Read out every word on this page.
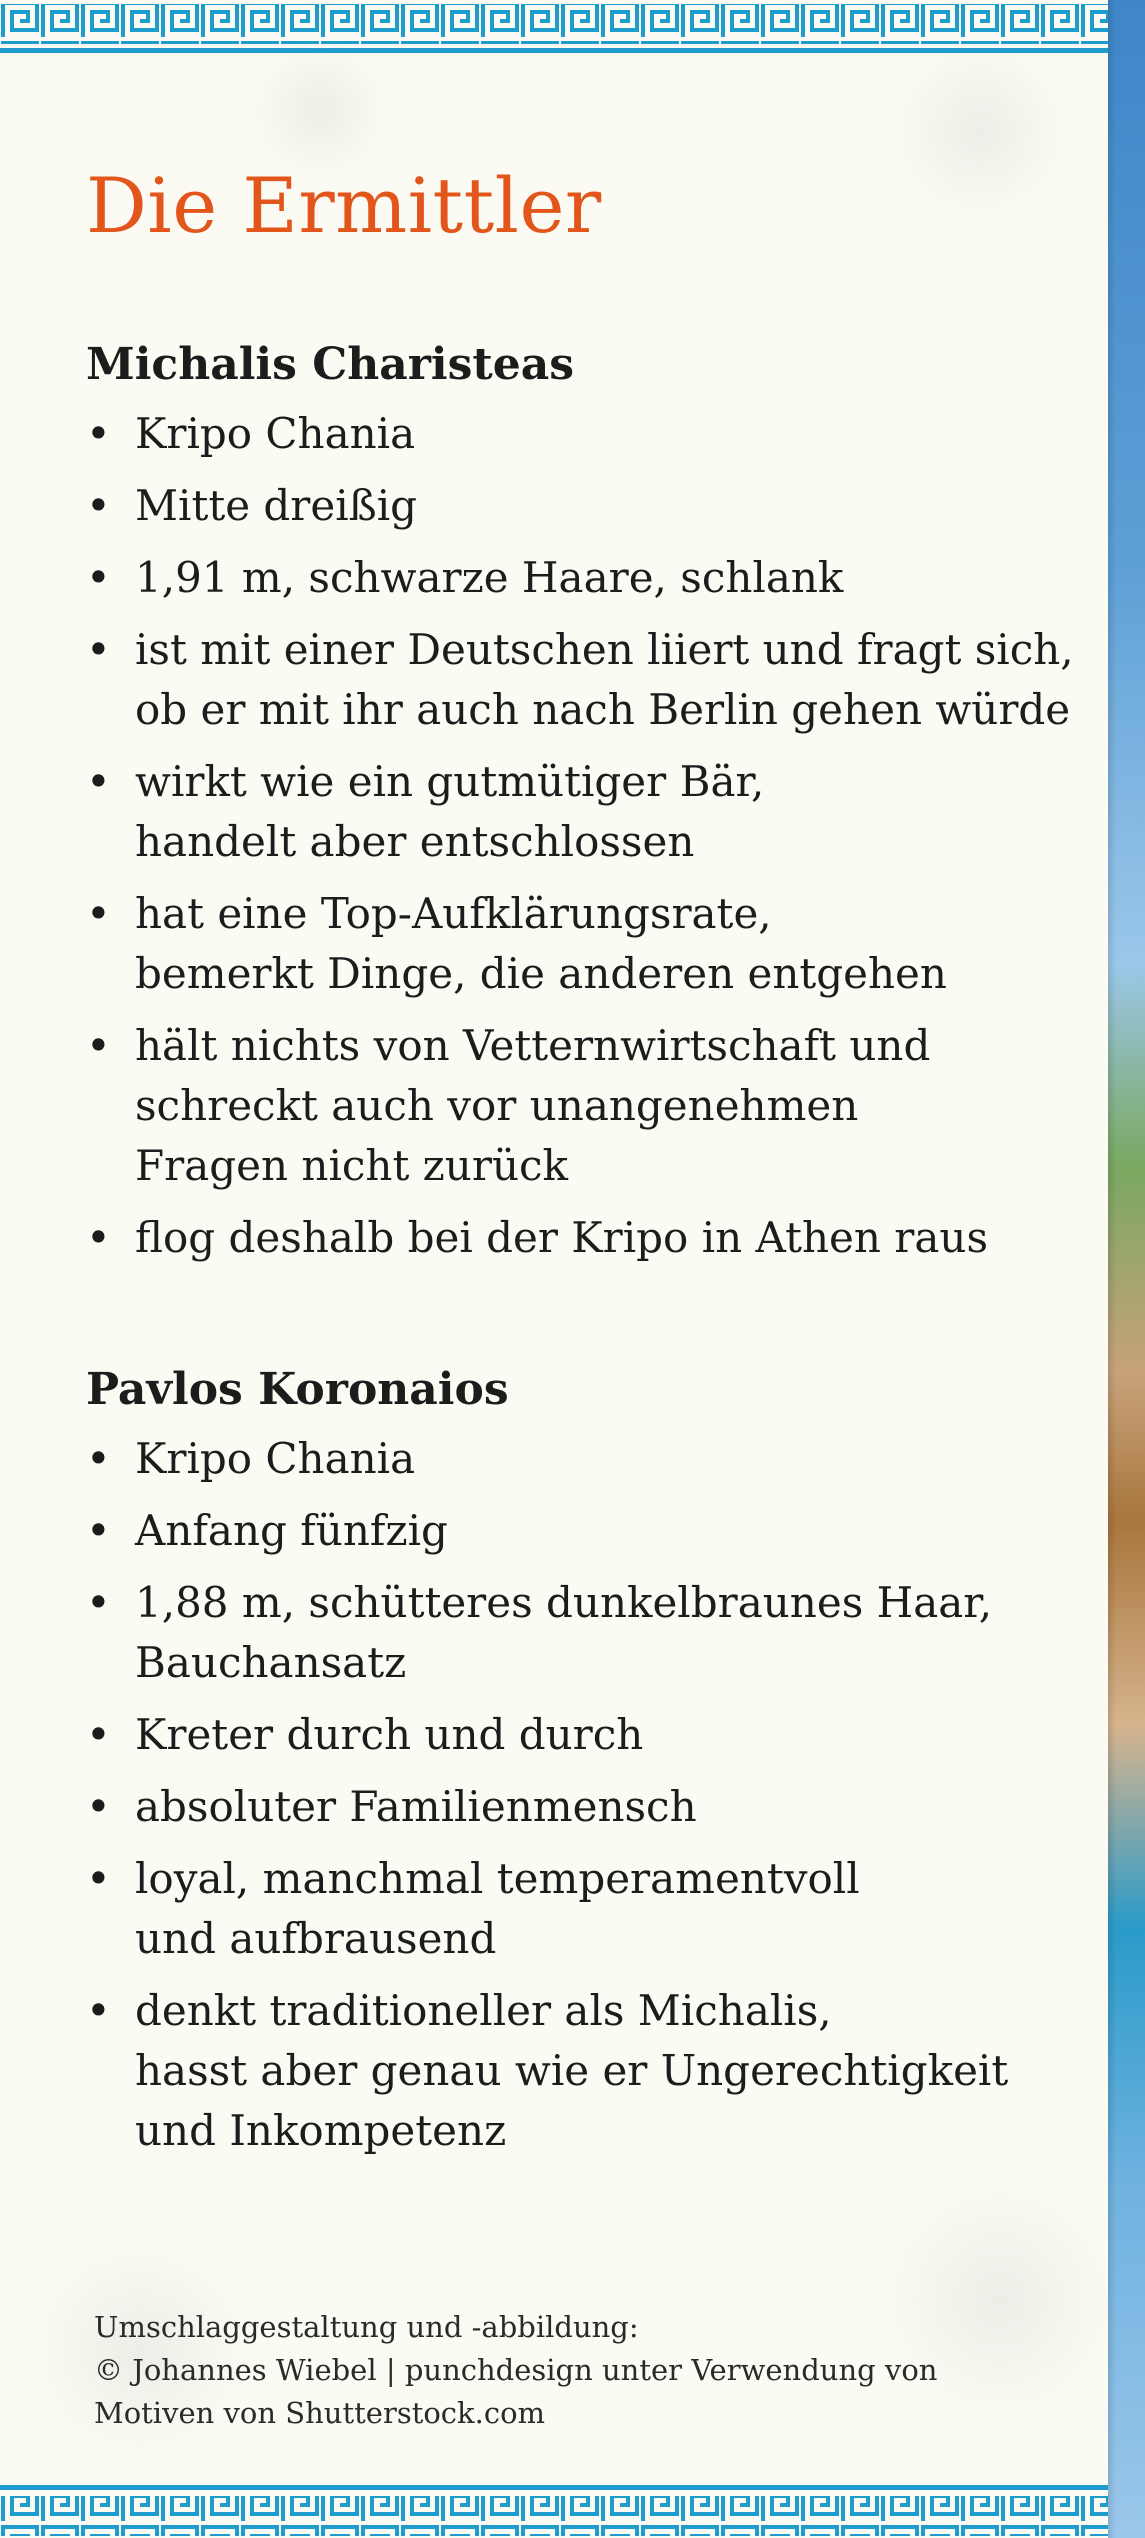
Die Ermittler
Michalis Charisteas
• Kripo Chania
• Mitte dreißig
• 1,91 m, schwarze Haare, schlank
• ist mit einer Deutschen liiert und fragt sich,
ob er mit ihr auch nach Berlin gehen würde
• wirkt wie ein gutmütiger Bär,
handelt aber entschlossen
• hat eine Top-Aufklärungsrate,
bemerkt Dinge, die anderen entgehen
• hält nichts von Vetternwirtschaft und
schreckt auch vor unangenehmen
Fragen nicht zurück
• flog deshalb bei der Kripo in Athen raus
Pavlos Koronaios
• Kripo Chania
• Anfang fünfzig
• 1,88 m, schütteres dunkelbraunes Haar,
Bauchansatz
• Kreter durch und durch
• absoluter Familienmensch
• loyal, manchmal temperamentvoll
und aufbrausend
• denkt traditioneller als Michalis,
hasst aber genau wie er Ungerechtigkeit
und Inkompetenz
Umschlaggestaltung und -abbildung:
© Johannes Wiebel | punchdesign unter Verwendung von
Motiven von Shutterstock.com
